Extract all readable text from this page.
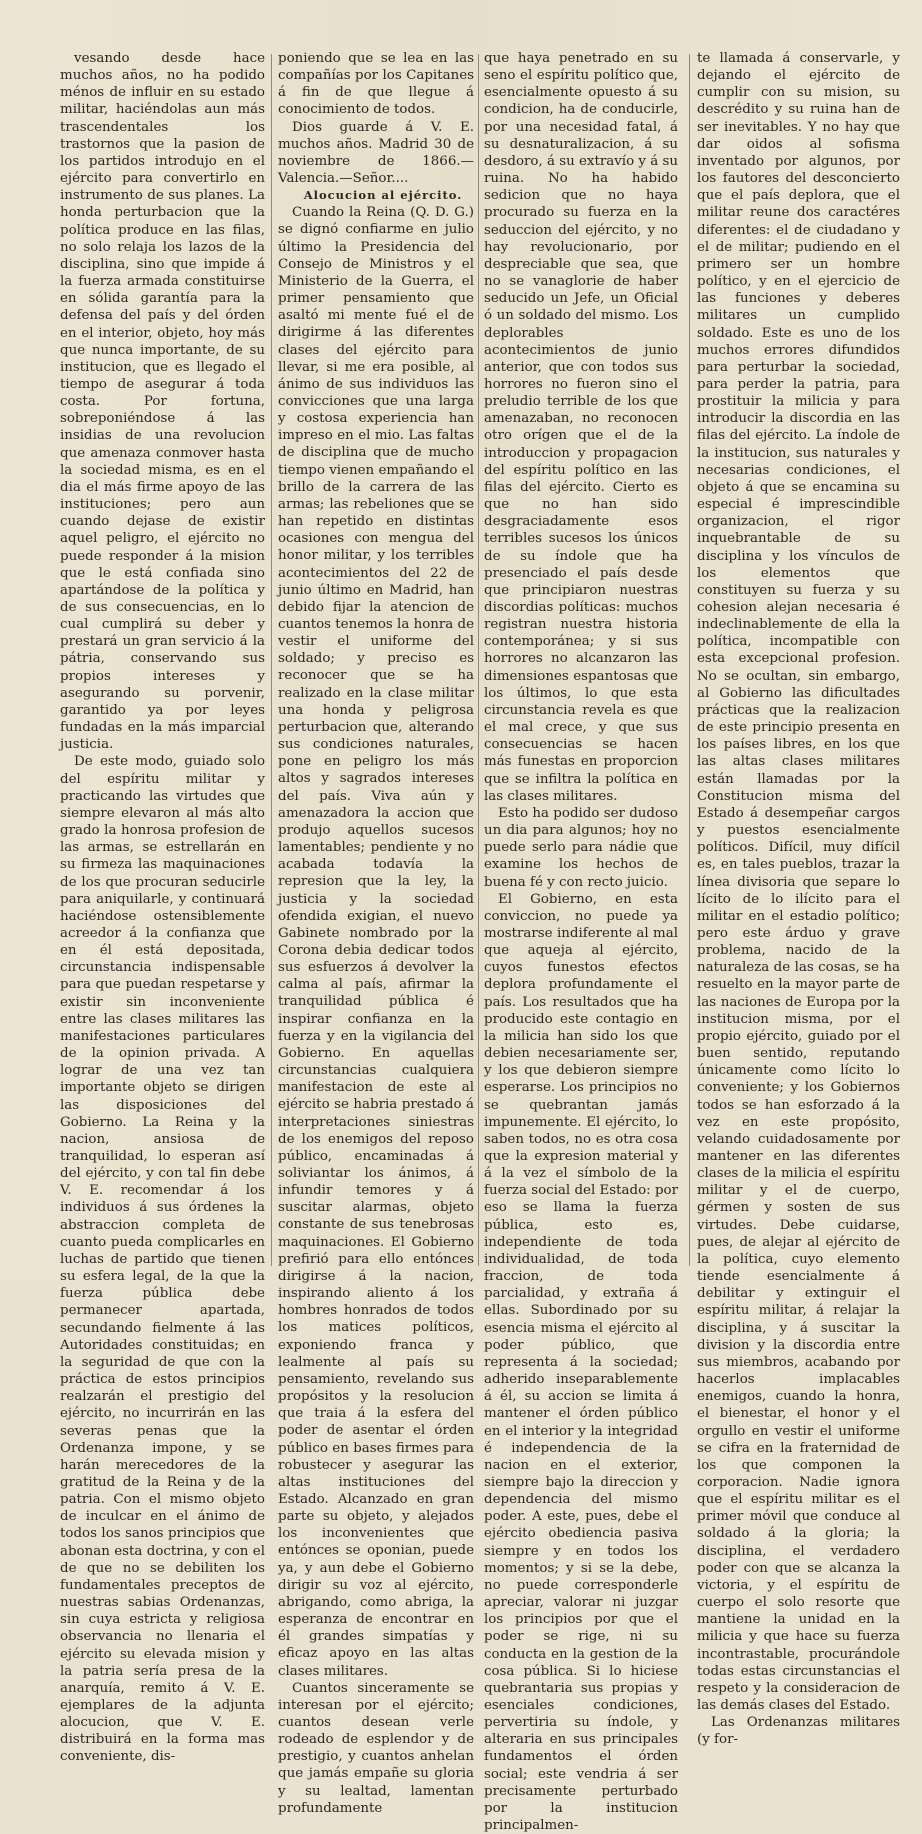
vesando desde hace muchos años, no ha podido ménos de influir en su estado militar, haciéndolas aun más trascendentales los trastornos que la pasion de los partidos introdujo en el ejército para convertirlo en instrumento de sus planes. La honda perturbacion que la política produce en las filas, no solo relaja los lazos de la disciplina, sino que impide á la fuerza armada constituirse en sólida garantía para la defensa del país y del órden en el interior, objeto, hoy más que nunca importante, de su institucion, que es llegado el tiempo de asegurar á toda costa. Por fortuna, sobreponiéndose á las insidias de una revolucion que amenaza conmover hasta la sociedad misma, es en el dia el más firme apoyo de las instituciones; pero aun cuando dejase de existir aquel peligro, el ejército no puede responder á la mision que le está confiada sino apartándose de la política y de sus consecuencias, en lo cual cumplirá su deber y prestará un gran servicio á la pátria, conservando sus propios intereses y asegurando su porvenir, garantido ya por leyes fundadas en la más imparcial justicia.

De este modo, guiado solo del espíritu militar y practicando las virtudes que siempre elevaron al más alto grado la honrosa profesion de las armas, se estrellarán en su firmeza las maquinaciones de los que procuran seducirle para aniquilarle, y continuará haciéndose ostensiblemente acreedor á la confianza que en él está depositada, circunstancia indispensable para que puedan respetarse y existir sin inconveniente entre las clases militares las manifestaciones particulares de la opinion privada. A lograr de una vez tan importante objeto se dirigen las disposiciones del Gobierno. La Reina y la nacion, ansiosa de tranquilidad, lo esperan así del ejército, y con tal fin debe V. E. recomendar á los individuos á sus órdenes la abstraccion completa de cuanto pueda complicarles en luchas de partido que tienen su esfera legal, de la que la fuerza pública debe permanecer apartada, secundando fielmente á las Autoridades constituidas; en la seguridad de que con la práctica de estos principios realzarán el prestigio del ejército, no incurrirán en las severas penas que la Ordenanza impone, y se harán merecedores de la gratitud de la Reina y de la patria. Con el mismo objeto de inculcar en el ánimo de todos los sanos principios que abonan esta doctrina, y con el de que no se debiliten los fundamentales preceptos de nuestras sabias Ordenanzas, sin cuya estricta y religiosa observancia no llenaria el ejército su elevada mision y la patria sería presa de la anarquía, remito á V. E. ejemplares de la adjunta alocucion, que V. E. distribuirá en la forma mas conveniente, dis-

poniendo que se lea en las compañías por los Capitanes á fin de que llegue á conocimiento de todos.

Dios guarde á V. E. muchos años. Madrid 30 de noviembre de 1866.—Valencia.—Señor....

Alocucion al ejército.

Cuando la Reina (Q. D. G.) se dignó confiarme en julio último la Presidencia del Consejo de Ministros y el Ministerio de la Guerra, el primer pensamiento que asaltó mi mente fué el de dirigirme á las diferentes clases del ejército para llevar, si me era posible, al ánimo de sus individuos las convicciones que una larga y costosa experiencia han impreso en el mio. Las faltas de disciplina que de mucho tiempo vienen empañando el brillo de la carrera de las armas; las rebeliones que se han repetido en distintas ocasiones con mengua del honor militar, y los terribles acontecimientos del 22 de junio último en Madrid, han debido fijar la atencion de cuantos tenemos la honra de vestir el uniforme del soldado; y preciso es reconocer que se ha realizado en la clase militar una honda y peligrosa perturbacion que, alterando sus condiciones naturales, pone en peligro los más altos y sagrados intereses del país. Viva aún y amenazadora la accion que produjo aquellos sucesos lamentables; pendiente y no acabada todavía la represion que la ley, la justicia y la sociedad ofendida exigian, el nuevo Gabinete nombrado por la Corona debia dedicar todos sus esfuerzos á devolver la calma al país, afirmar la tranquilidad pública é inspirar confianza en la fuerza y en la vigilancia del Gobierno. En aquellas circunstancias cualquiera manifestacion de este al ejército se habria prestado á interpretaciones siniestras de los enemigos del reposo público, encaminadas á soliviantar los ánimos, á infundir temores y á suscitar alarmas, objeto constante de sus tenebrosas maquinaciones. El Gobierno prefirió para ello entónces dirigirse á la nacion, inspirando aliento á los hombres honrados de todos los matices políticos, exponiendo franca y lealmente al país su pensamiento, revelando sus propósitos y la resolucion que traia á la esfera del poder de asentar el órden público en bases firmes para robustecer y asegurar las altas instituciones del Estado. Alcanzado en gran parte su objeto, y alejados los inconvenientes que entónces se oponian, puede ya, y aun debe el Gobierno dirigir su voz al ejército, abrigando, como abriga, la esperanza de encontrar en él grandes simpatías y eficaz apoyo en las altas clases militares.

Cuantos sinceramente se interesan por el ejército; cuantos desean verle rodeado de esplendor y de prestigio, y cuantos anhelan que jamás empañe su gloria y su lealtad, lamentan profundamente

que haya penetrado en su seno el espíritu político que, esencialmente opuesto á su condicion, ha de conducirle, por una necesidad fatal, á su desnaturalizacion, á su desdoro, á su extravío y á su ruina. No ha habido sedicion que no haya procurado su fuerza en la seduccion del ejército, y no hay revolucionario, por despreciable que sea, que no se vanaglorie de haber seducido un Jefe, un Oficial ó un soldado del mismo. Los deplorables acontecimientos de junio anterior, que con todos sus horrores no fueron sino el preludio terrible de los que amenazaban, no reconocen otro orígen que el de la introduccion y propagacion del espíritu político en las filas del ejército. Cierto es que no han sido desgraciadamente esos terribles sucesos los únicos de su índole que ha presenciado el país desde que principiaron nuestras discordias políticas: muchos registran nuestra historia contemporánea; y si sus horrores no alcanzaron las dimensiones espantosas que los últimos, lo que esta circunstancia revela es que el mal crece, y que sus consecuencias se hacen más funestas en proporcion que se infiltra la política en las clases militares.

Esto ha podido ser dudoso un dia para algunos; hoy no puede serlo para nádie que examine los hechos de buena fé y con recto juicio.

El Gobierno, en esta conviccion, no puede ya mostrarse indiferente al mal que aqueja al ejército, cuyos funestos efectos deplora profundamente el país. Los resultados que ha producido este contagio en la milicia han sido los que debien necesariamente ser, y los que debieron siempre esperarse. Los principios no se quebrantan jamás impunemente. El ejército, lo saben todos, no es otra cosa que la expresion material y á la vez el símbolo de la fuerza social del Estado: por eso se llama la fuerza pública, esto es, independiente de toda individualidad, de toda fraccion, de toda parcialidad, y extraña á ellas. Subordinado por su esencia misma el ejército al poder público, que representa á la sociedad; adherido inseparablemente á él, su accion se limita á mantener el órden público en el interior y la integridad é independencia de la nacion en el exterior, siempre bajo la direccion y dependencia del mismo poder. A este, pues, debe el ejército obediencia pasiva siempre y en todos los momentos; y si se la debe, no puede corresponderle apreciar, valorar ni juzgar los principios por que el poder se rige, ni su conducta en la gestion de la cosa pública. Si lo hiciese quebrantaria sus propias y esenciales condiciones, pervertiria su índole, y alteraria en sus principales fundamentos el órden social; este vendria á ser precisamente perturbado por la institucion principalmen-

te llamada á conservarle, y dejando el ejército de cumplir con su mision, su descrédito y su ruina han de ser inevitables. Y no hay que dar oidos al sofisma inventado por algunos, por los fautores del desconcierto que el país deplora, que el militar reune dos caractéres diferentes: el de ciudadano y el de militar; pudiendo en el primero ser un hombre político, y en el ejercicio de las funciones y deberes militares un cumplido soldado. Este es uno de los muchos errores difundidos para perturbar la sociedad, para perder la patria, para prostituir la milicia y para introducir la discordia en las filas del ejército. La índole de la institucion, sus naturales y necesarias condiciones, el objeto á que se encamina su especial é imprescindible organizacion, el rigor inquebrantable de su disciplina y los vínculos de los elementos que constituyen su fuerza y su cohesion alejan necesaria é indeclinablemente de ella la política, incompatible con esta excepcional profesion. No se ocultan, sin embargo, al Gobierno las dificultades prácticas que la realizacion de este principio presenta en los países libres, en los que las altas clases militares están llamadas por la Constitucion misma del Estado á desempeñar cargos y puestos esencialmente políticos. Difícil, muy difícil es, en tales pueblos, trazar la línea divisoria que separe lo lícito de lo ilícito para el militar en el estadio político; pero este árduo y grave problema, nacido de la naturaleza de las cosas, se ha resuelto en la mayor parte de las naciones de Europa por la institucion misma, por el propio ejército, guiado por el buen sentido, reputando únicamente como lícito lo conveniente; y los Gobiernos todos se han esforzado á la vez en este propósito, velando cuidadosamente por mantener en las diferentes clases de la milicia el espíritu militar y el de cuerpo, gérmen y sosten de sus virtudes. Debe cuidarse, pues, de alejar al ejército de la política, cuyo elemento tiende esencialmente á debilitar y extinguir el espíritu militar, á relajar la disciplina, y á suscitar la division y la discordia entre sus miembros, acabando por hacerlos implacables enemigos, cuando la honra, el bienestar, el honor y el orgullo en vestir el uniforme se cifra en la fraternidad de los que componen la corporacion. Nadie ignora que el espíritu militar es el primer móvil que conduce al soldado á la gloria; la disciplina, el verdadero poder con que se alcanza la victoria, y el espíritu de cuerpo el solo resorte que mantiene la unidad en la milicia y que hace su fuerza incontrastable, procurándole todas estas circunstancias el respeto y la consideracion de las demás clases del Estado.

Las Ordenanzas militares (y for-
